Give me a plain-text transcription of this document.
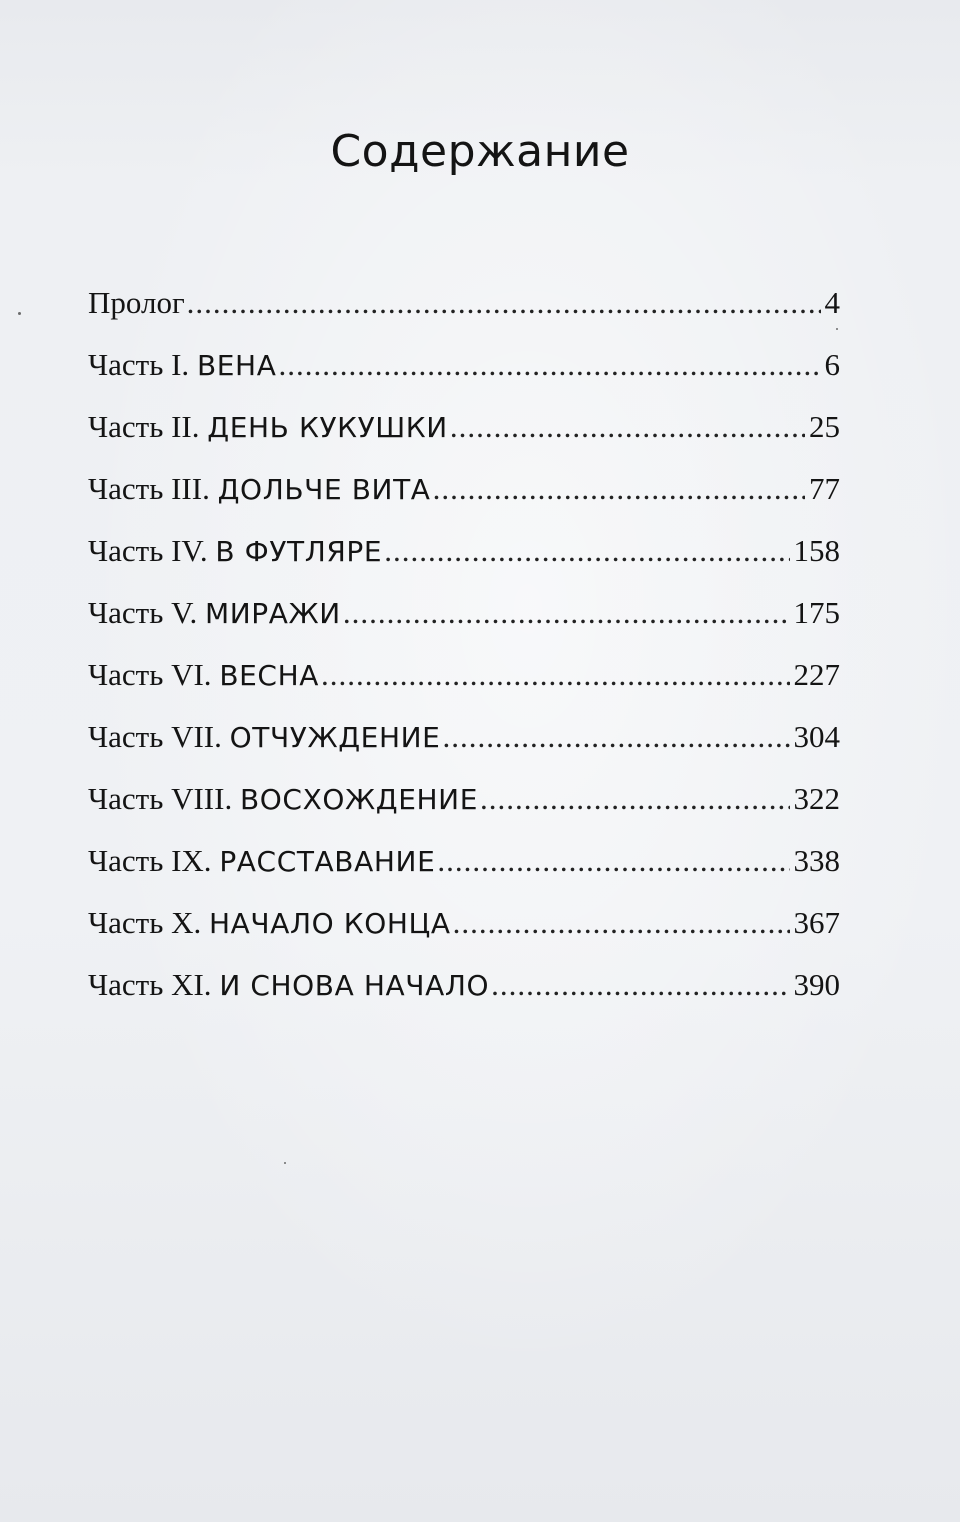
Содержание
Пролог .....	4
Часть I. ВЕНА .....	6
Часть II. ДЕНЬ КУКУШКИ .....	25
Часть III. ДОЛЬЧЕ ВИТА .....	77
Часть IV. В ФУТЛЯРЕ .....	158
Часть V. МИРАЖИ .....	175
Часть VI. ВЕСНА .....	227
Часть VII. ОТЧУЖДЕНИЕ .....	304
Часть VIII. ВОСХОЖДЕНИЕ .....	322
Часть IX. РАССТАВАНИЕ .....	338
Часть X. НАЧАЛО КОНЦА .....	367
Часть XI. И СНОВА НАЧАЛО .....	390
